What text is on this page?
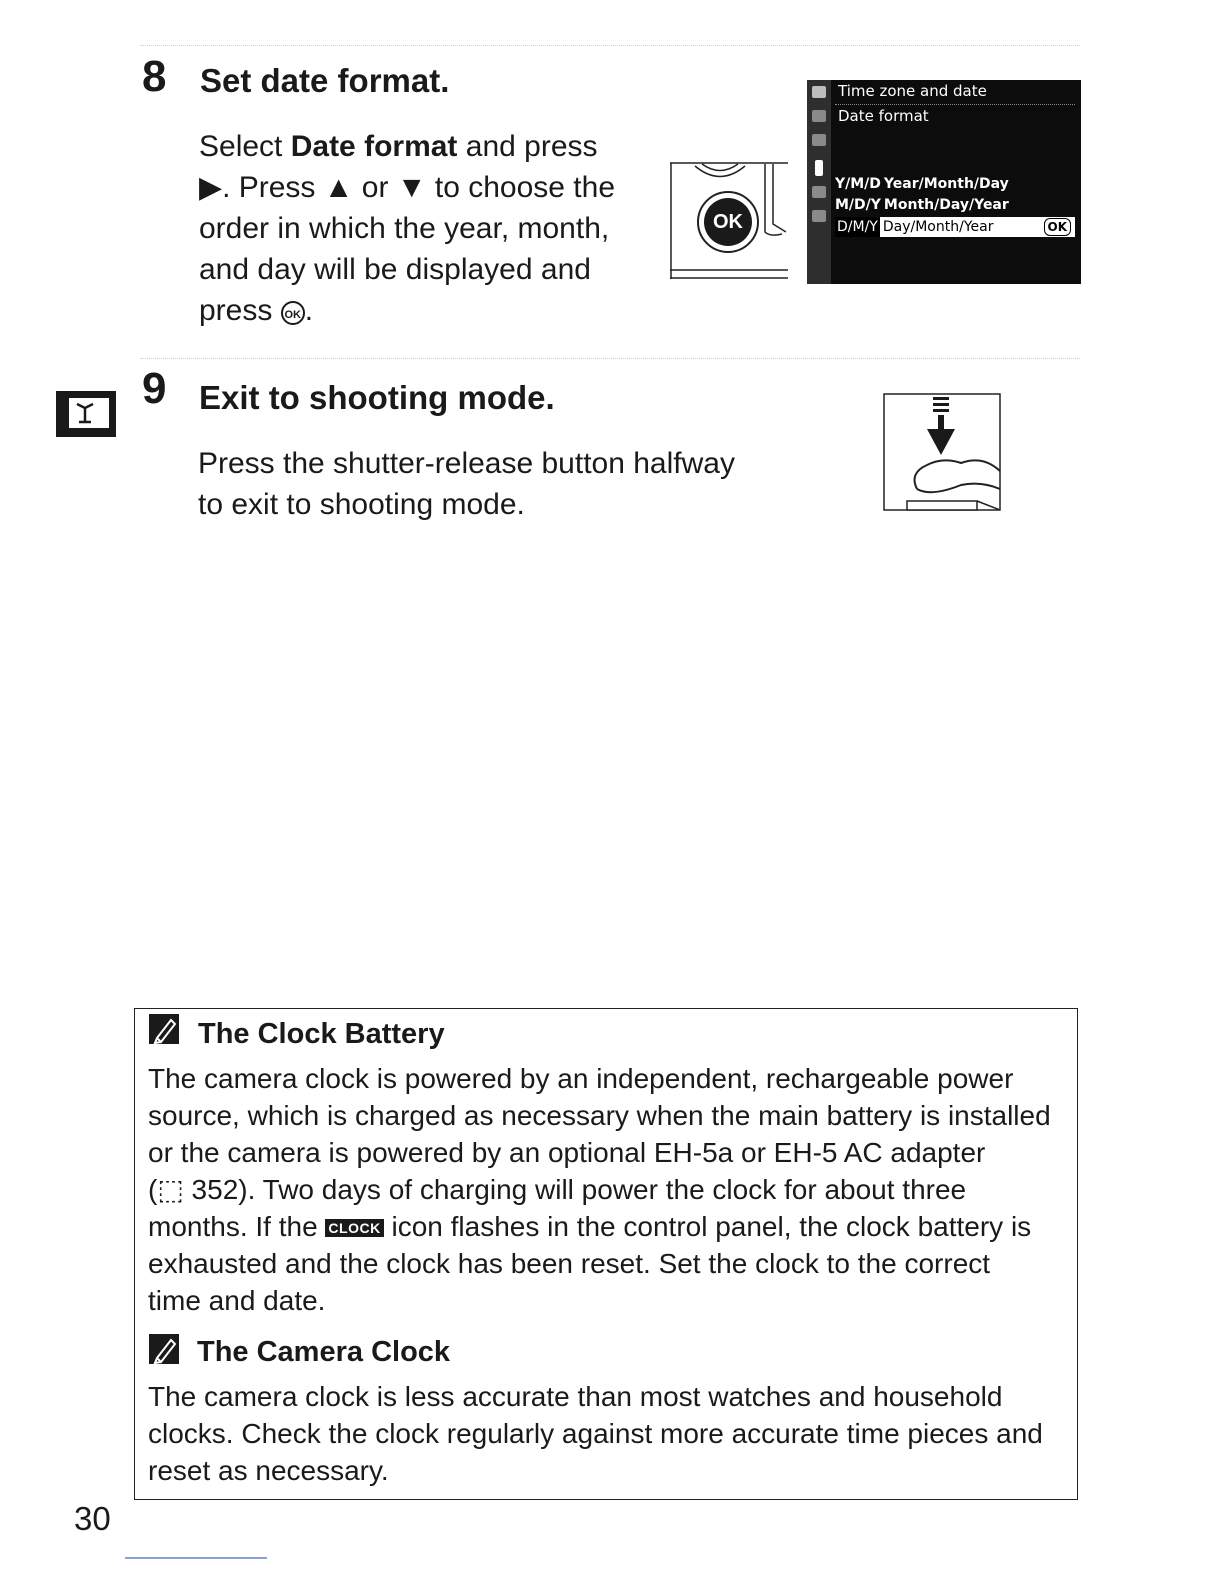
8 Set date format.
Select Date format and press
▶. Press ▲ or ▼ to choose the
order in which the year, month,
and day will be displayed and
press OK .
OK
Time zone and date
Date format
Y/M/D Year/Month/Day
M/D/Y Month/Day/Year
D/M/Y Day/Month/Year	OK
9 Exit to shooting mode.
Press the shutter-release button halfway
to exit to shooting mode.
The Clock Battery
The camera clock is powered by an independent, rechargeable power
source, which is charged as necessary when the main battery is installed
or the camera is powered by an optional EH-5a or EH-5 AC adapter
(⬚ 352). Two days of charging will power the clock for about three
months. If the CLOCK icon flashes in the control panel, the clock battery is
exhausted and the clock has been reset. Set the clock to the correct
time and date.
The Camera Clock
The camera clock is less accurate than most watches and household
clocks. Check the clock regularly against more accurate time pieces and
reset as necessary.
30
